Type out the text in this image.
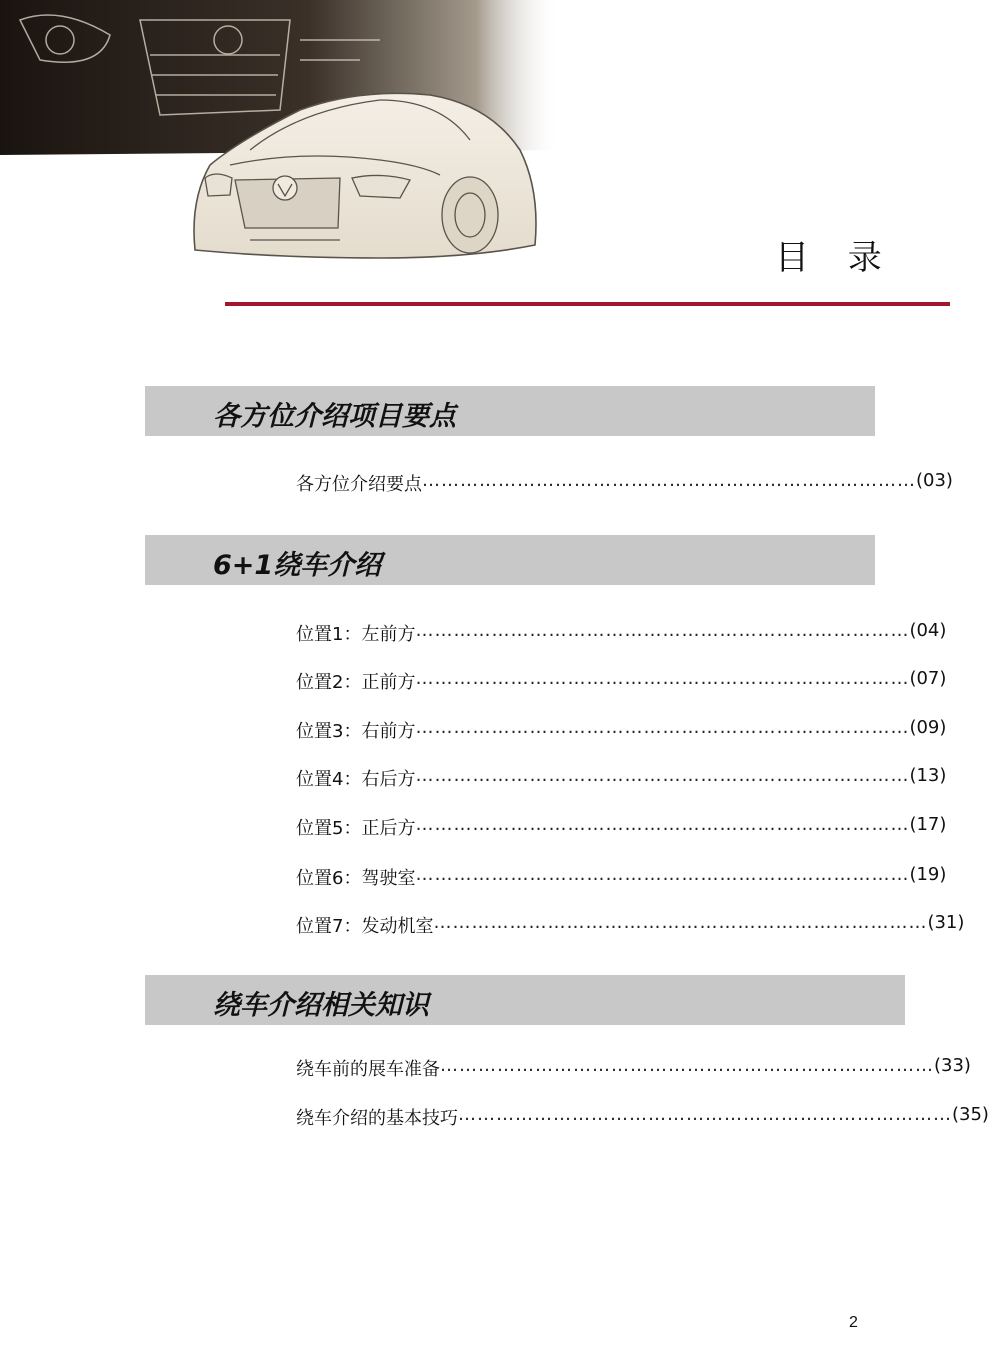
目 录
各方位介绍项目要点
各方位介绍要点 …………………………………………………………………… (03)
6+1绕车介绍
位置1：左前方 …………………………………………………………………… (04)
位置2：正前方 …………………………………………………………………… (07)
位置3：右前方 …………………………………………………………………… (09)
位置4：右后方 …………………………………………………………………… (13)
位置5：正后方 …………………………………………………………………… (17)
位置6：驾驶室 …………………………………………………………………… (19)
位置7：发动机室 …………………………………………………………………… (31)
绕车介绍相关知识
绕车前的展车准备 …………………………………………………………………… (33)
绕车介绍的基本技巧 …………………………………………………………………… (35)
2
